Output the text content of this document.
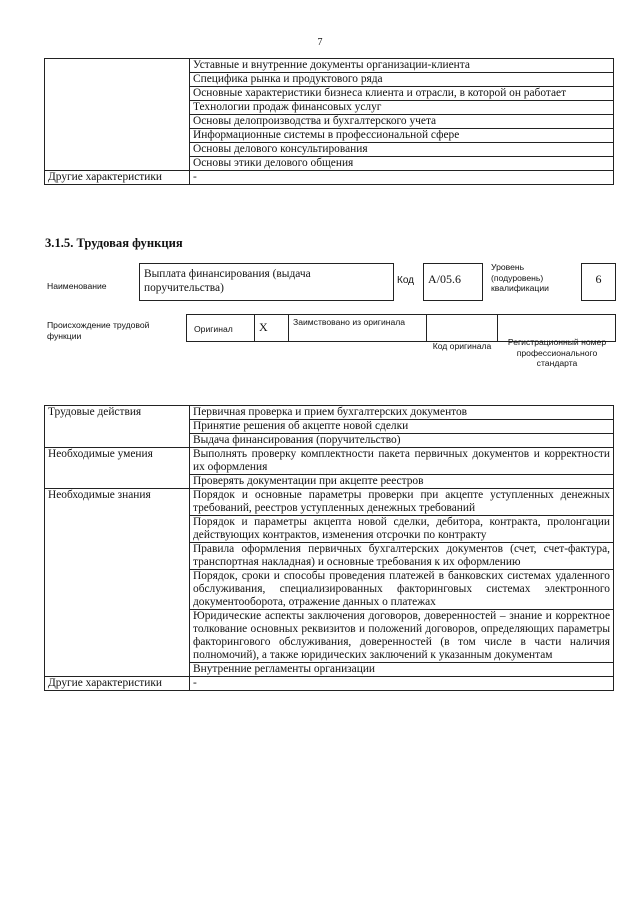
7
	Уставные и внутренние документы организации-клиента
	Специфика рынка и продуктового ряда
	Основные характеристики бизнеса клиента и отрасли, в которой он работает
	Технологии продаж финансовых услуг
	Основы делопроизводства и бухгалтерского учета
	Информационные системы в профессиональной сфере
	Основы делового консультирования
	Основы этики делового общения
Другие характеристики	-
3.1.5. Трудовая функция
Наименование
Выплата финансирования (выдача поручительства)
Код	А/05.6
Уровень (подуровень) квалификации
6
Происхождение трудовой функции
Оригинал X	Заимствовано из оригинала
Код оригинала	Регистрационный номер профессионального стандарта
Трудовые действия	Первичная проверка и прием бухгалтерских документов
	Принятие решения об акцепте новой сделки
	Выдача финансирования (поручительство)
Необходимые умения	Выполнять проверку комплектности пакета первичных документов и корректности их оформления
	Проверять документации при акцепте реестров
Необходимые знания	Порядок и основные параметры проверки при акцепте уступленных денежных требований, реестров уступленных денежных требований
	Порядок и параметры акцепта новой сделки, дебитора, контракта, пролонгации действующих контрактов, изменения отсрочки по контракту
	Правила оформления первичных бухгалтерских документов (счет, счет-фактура, транспортная накладная) и основные требования к их оформлению
	Порядок, сроки и способы проведения платежей в банковских системах удаленного обслуживания, специализированных факторинговых системах электронного документооборота, отражение данных о платежах
	Юридические аспекты заключения договоров, доверенностей – знание и корректное толкование основных реквизитов и положений договоров, определяющих параметры факторингового обслуживания, доверенностей (в том числе в части наличия полномочий), а также юридических заключений к указанным документам
	Внутренние регламенты организации
Другие характеристики	-
